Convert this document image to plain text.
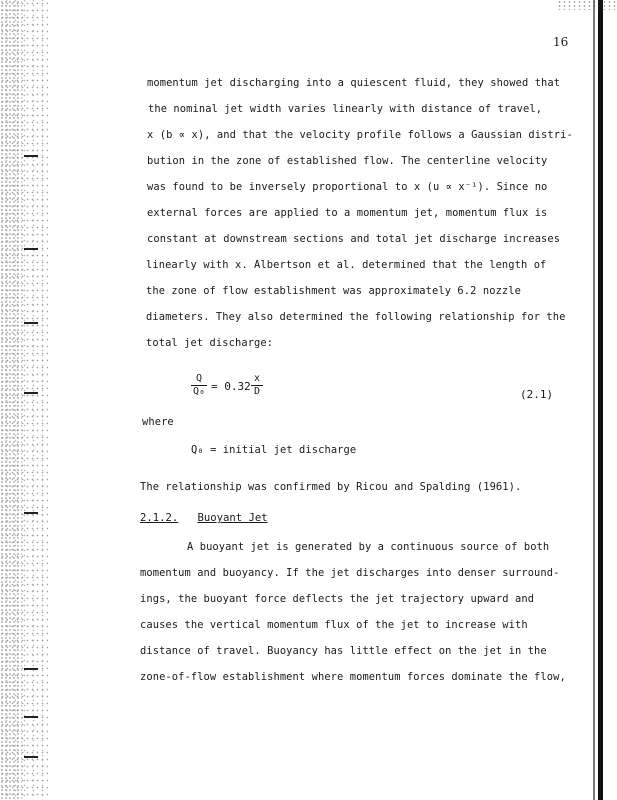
16
momentum jet discharging into a quiescent fluid, they showed that
the nominal jet width varies linearly with distance of travel,
x (b ∝ x), and that the velocity profile follows a Gaussian distri-
bution in the zone of established flow. The centerline velocity
was found to be inversely proportional to x (u ∝ x⁻¹). Since no
external forces are applied to a momentum jet, momentum flux is
constant at downstream sections and total jet discharge increases
linearly with x. Albertson et al. determined that the length of
the zone of flow establishment was approximately 6.2 nozzle
diameters. They also determined the following relationship for the
total jet discharge:
$\frac{Q}{\text{Q₀}} = 0.32 \frac{x}{D}$	(2.1)
where
Q₀ = initial jet discharge
The relationship was confirmed by Ricou and Spalding (1961).
2.1.2. Buoyant Jet
A buoyant jet is generated by a continuous source of both
momentum and buoyancy. If the jet discharges into denser surround-
ings, the buoyant force deflects the jet trajectory upward and
causes the vertical momentum flux of the jet to increase with
distance of travel. Buoyancy has little effect on the jet in the
zone-of-flow establishment where momentum forces dominate the flow,
